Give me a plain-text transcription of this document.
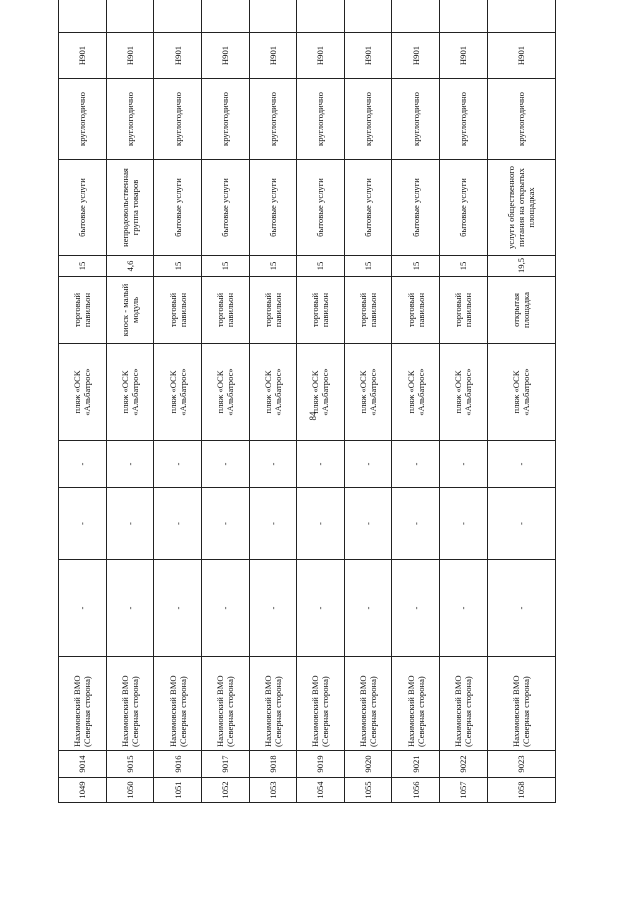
84
1049	9014	Нахимовский ВМО (Северная сторона)	-	-	-	пляж «ОСК «Альбатрос»	торговый павильон	15	бытовые услуги	круглогодично	Н901	
1050	9015	Нахимовский ВМО (Северная сторона)	-	-	-	пляж «ОСК «Альбатрос»	киоск - малый модуль	4,6	непродовольственная группа товаров	круглогодично	Н901	
1051	9016	Нахимовский ВМО (Северная сторона)	-	-	-	пляж «ОСК «Альбатрос»	торговый павильон	15	бытовые услуги	круглогодично	Н901	
1052	9017	Нахимовский ВМО (Северная сторона)	-	-	-	пляж «ОСК «Альбатрос»	торговый павильон	15	бытовые услуги	круглогодично	Н901	
1053	9018	Нахимовский ВМО (Северная сторона)	-	-	-	пляж «ОСК «Альбатрос»	торговый павильон	15	бытовые услуги	круглогодично	Н901	
1054	9019	Нахимовский ВМО (Северная сторона)	-	-	-	пляж «ОСК «Альбатрос»	торговый павильон	15	бытовые услуги	круглогодично	Н901	
1055	9020	Нахимовский ВМО (Северная сторона)	-	-	-	пляж «ОСК «Альбатрос»	торговый павильон	15	бытовые услуги	круглогодично	Н901	
1056	9021	Нахимовский ВМО (Северная сторона)	-	-	-	пляж «ОСК «Альбатрос»	торговый павильон	15	бытовые услуги	круглогодично	Н901	
1057	9022	Нахимовский ВМО (Северная сторона)	-	-	-	пляж «ОСК «Альбатрос»	торговый павильон	15	бытовые услуги	круглогодично	Н901	
1058	9023	Нахимовский ВМО (Северная сторона)	-	-	-	пляж «ОСК «Альбатрос»	открытая площадка	19,5	услуги общественного питания на открытых площадках	круглогодично	Н901	
